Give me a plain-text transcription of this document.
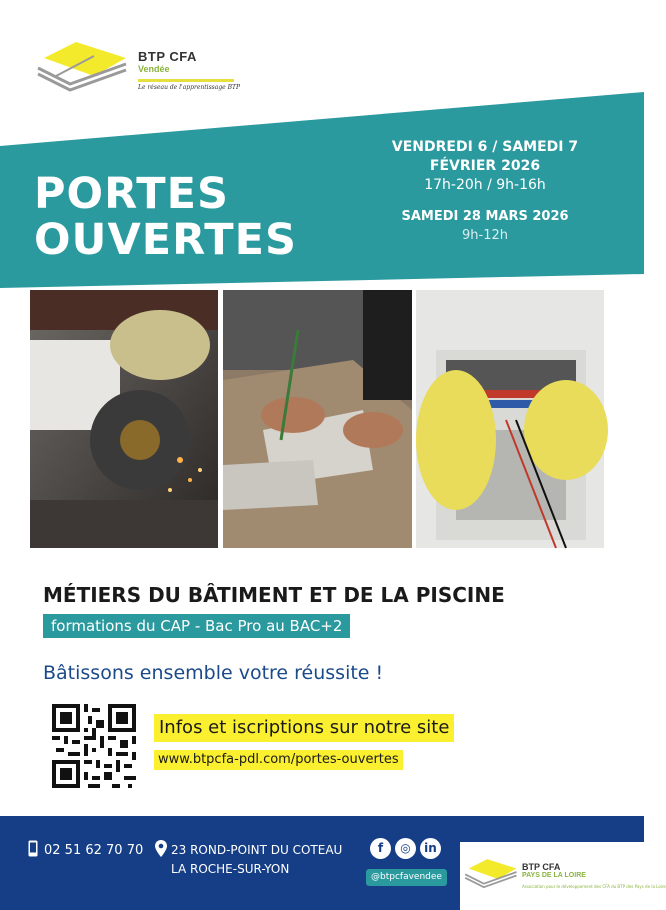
BTP CFA
Vendée
Le réseau de l'apprentissage BTP
PORTES
OUVERTES
VENDREDI 6 / SAMEDI 7
FÉVRIER 2026
17h-20h / 9h-16h
SAMEDI 28 MARS 2026
9h-12h
MÉTIERS DU BÂTIMENT ET DE LA PISCINE
formations du CAP - Bac Pro au BAC+2
Bâtissons ensemble votre réussite !
Infos et iscriptions sur notre site
www.btpcfa-pdl.com/portes-ouvertes
02 51 62 70 70 23 ROND-POINT DU COTEAU
LA ROCHE-SUR-YON
f	◎	in
@btpcfavendee
BTP CFA
PAYS DE LA LOIRE
Association pour le développement des CFA du BTP des Pays de la Loire
